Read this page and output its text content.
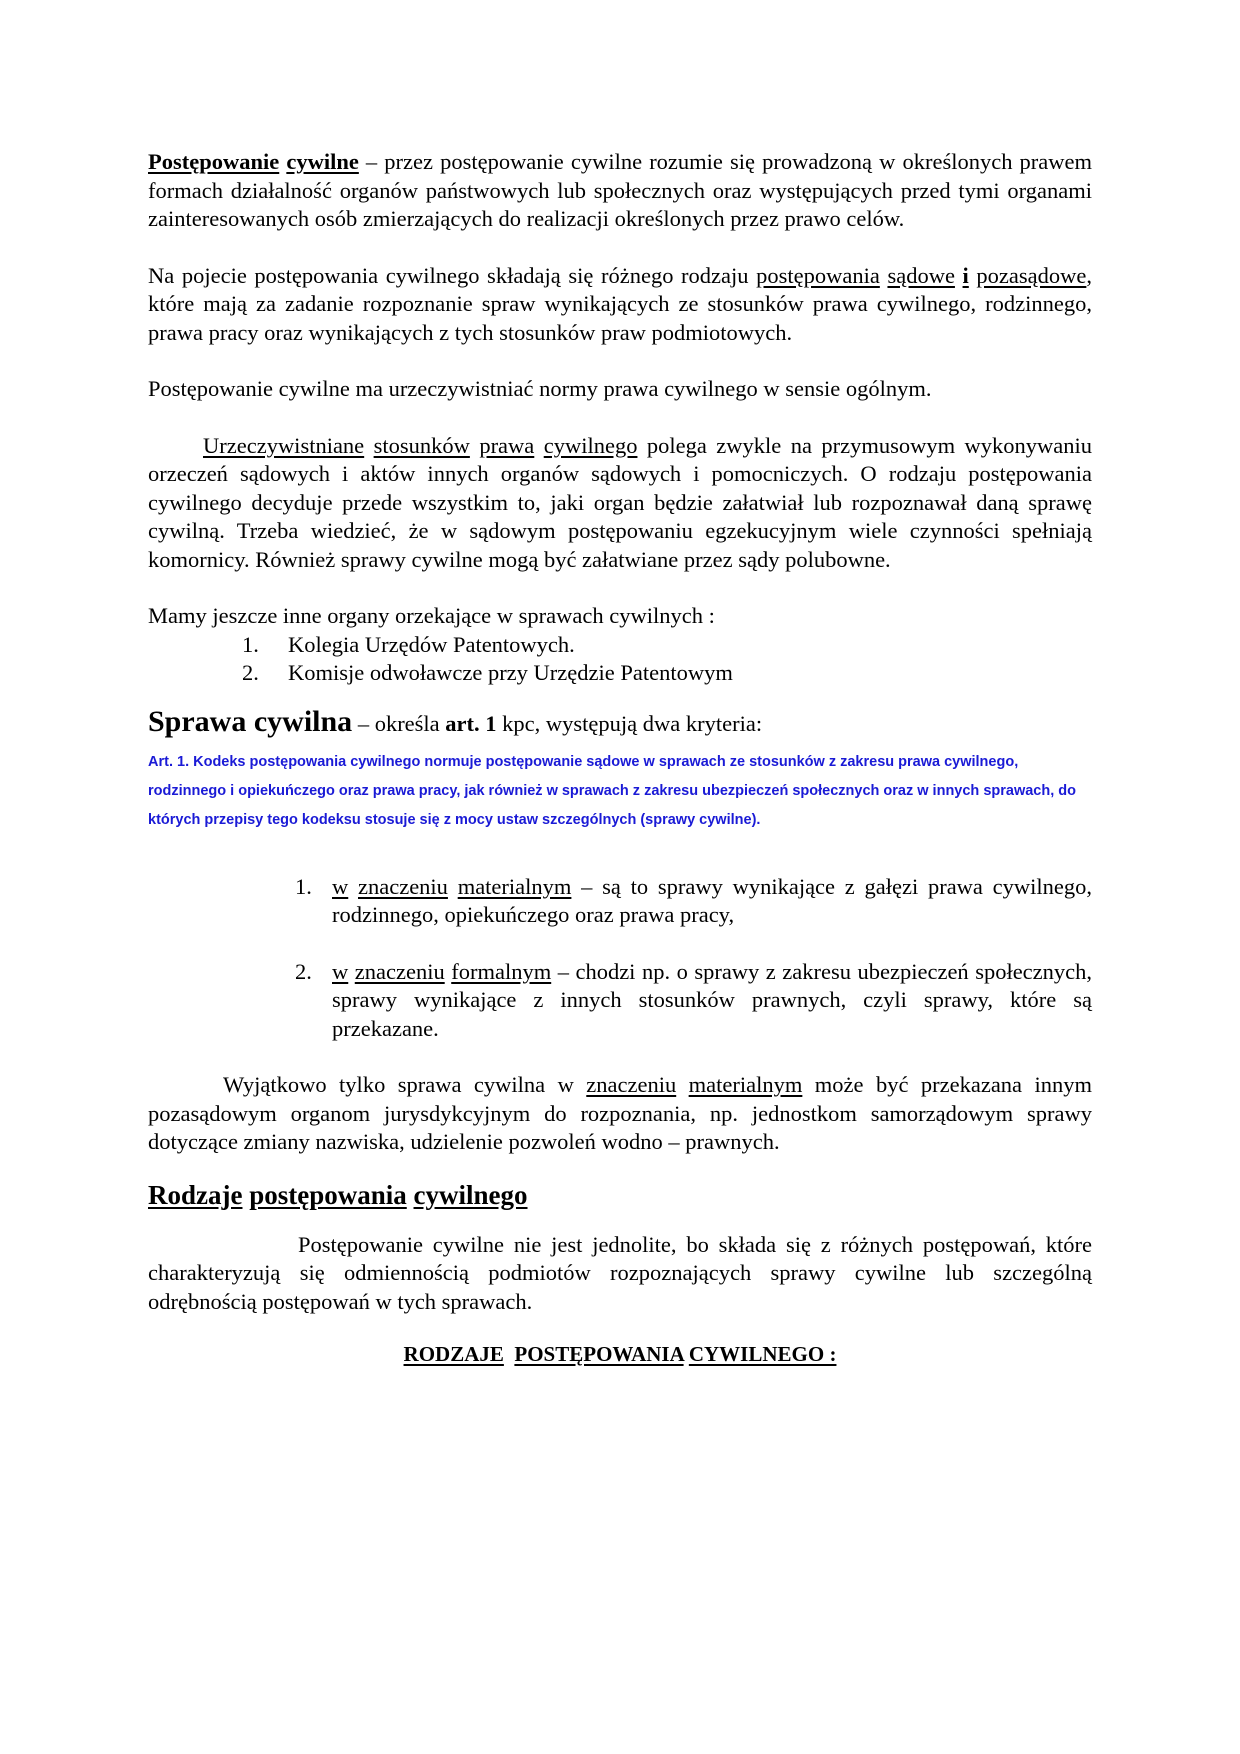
Postępowanie cywilne – przez postępowanie cywilne rozumie się prowadzoną w określonych prawem formach działalność organów państwowych lub społecznych oraz występujących przed tymi organami zainteresowanych osób zmierzających do realizacji określonych przez prawo celów.

Na pojecie postępowania cywilnego składają się różnego rodzaju postępowania sądowe i pozasądowe, które mają za zadanie rozpoznanie spraw wynikających ze stosunków prawa cywilnego, rodzinnego, prawa pracy oraz wynikających z tych stosunków praw podmiotowych.

Postępowanie cywilne ma urzeczywistniać normy prawa cywilnego w sensie ogólnym.

Urzeczywistniane stosunków prawa cywilnego polega zwykle na przymusowym wykonywaniu orzeczeń sądowych i aktów innych organów sądowych i pomocniczych. O rodzaju postępowania cywilnego decyduje przede wszystkim to, jaki organ będzie załatwiał lub rozpoznawał daną sprawę cywilną. Trzeba wiedzieć, że w sądowym postępowaniu egzekucyjnym wiele czynności spełniają komornicy. Również sprawy cywilne mogą być załatwiane przez sądy polubowne.

Mamy jeszcze inne organy orzekające w sprawach cywilnych :

1. Kolegia Urzędów Patentowych.
2. Komisje odwoławcze przy Urzędzie Patentowym

Sprawa cywilna – określa art. 1 kpc, występują dwa kryteria:

Art. 1. Kodeks postępowania cywilnego normuje postępowanie sądowe w sprawach ze stosunków z zakresu prawa cywilnego, rodzinnego i opiekuńczego oraz prawa pracy, jak również w sprawach z zakresu ubezpieczeń społecznych oraz w innych sprawach, do których przepisy tego kodeksu stosuje się z mocy ustaw szczególnych (sprawy cywilne).

1. w znaczeniu materialnym – są to sprawy wynikające z gałęzi prawa cywilnego, rodzinnego, opiekuńczego oraz prawa pracy,
2. w znaczeniu formalnym – chodzi np. o sprawy z zakresu ubezpieczeń społecznych, sprawy wynikające z innych stosunków prawnych, czyli sprawy, które są przekazane.

Wyjątkowo tylko sprawa cywilna w znaczeniu materialnym może być przekazana innym pozasądowym organom jurysdykcyjnym do rozpoznania, np. jednostkom samorządowym sprawy dotyczące zmiany nazwiska, udzielenie pozwoleń wodno – prawnych.

Rodzaje postępowania cywilnego

Postępowanie cywilne nie jest jednolite, bo składa się z różnych postępowań, które charakteryzują się odmiennością podmiotów rozpoznających sprawy cywilne lub szczególną odrębnością postępowań w tych sprawach.

RODZAJE POSTĘPOWANIA CYWILNEGO :
